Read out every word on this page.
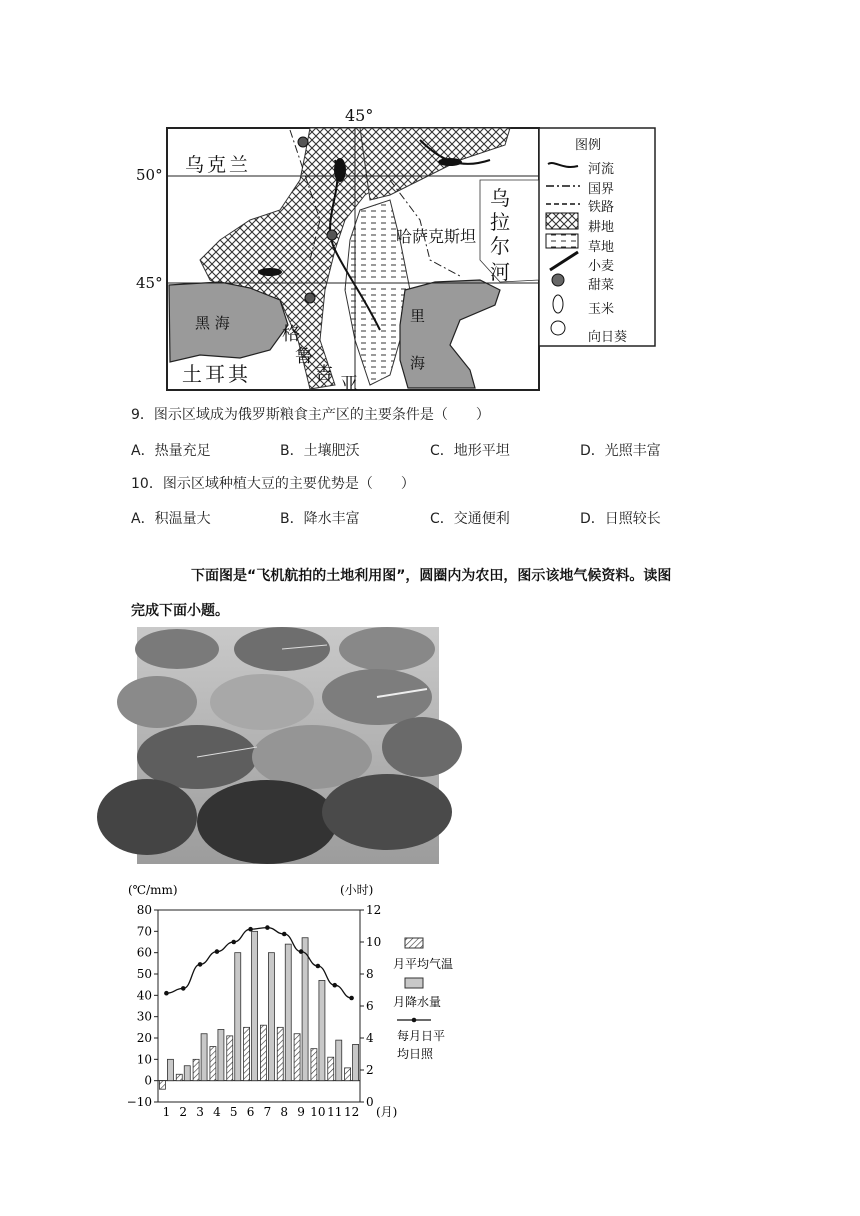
45°
50°
45°
乌克兰
哈萨克斯坦
乌
拉
尔
河
黑 海	里
海
土耳其
格
鲁
吉 亚
图例
河流
国界
铁路
耕地
草地
小麦
甜菜
玉米
向日葵
9．图示区域成为俄罗斯粮食主产区的主要条件是（　　）
A．热量充足	B．土壤肥沃	C．地形平坦	D．光照丰富
10．图示区域种植大豆的主要优势是（　　）
A．积温量大	B．降水丰富	C．交通便利	D．日照较长
下面图是“飞机航拍的土地利用图”，圆圈内为农田，图示该地气候资料。读图
完成下面小题。
(℃/mm)	(小时)
80
70
60
50
40
30
20
10
0
−10
12
10
8
6
4
2
0
1 2 3 4 5 6 7 8 9 10 11 12 (月)
月平均气温
月降水量
每月日平
均日照
